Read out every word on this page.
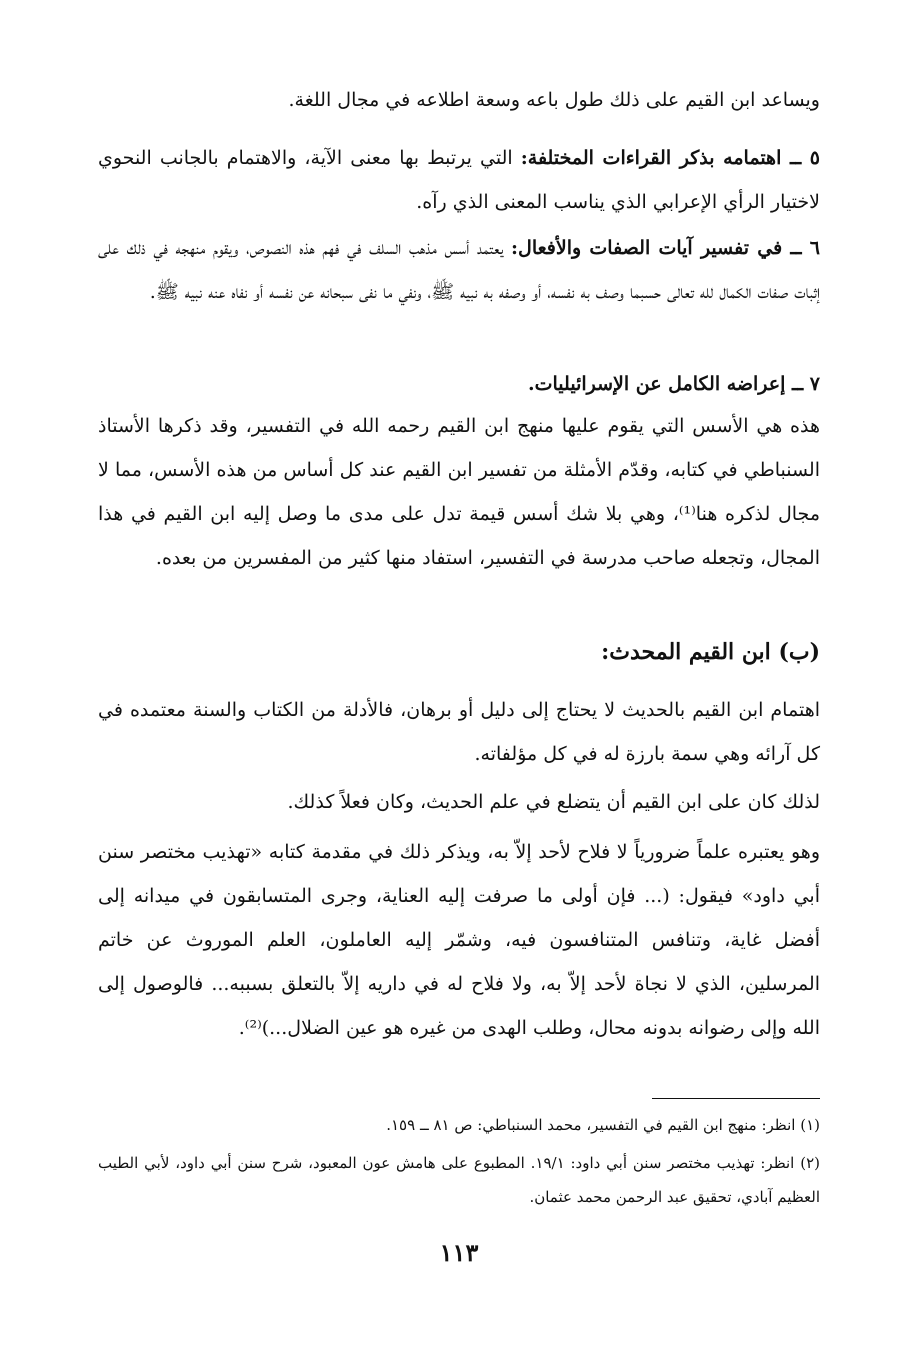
ويساعد ابن القيم على ذلك طول باعه وسعة اطلاعه في مجال اللغة.
٥ ــ اهتمامه بذكر القراءات المختلفة: التي يرتبط بها معنى الآية، والاهتمام بالجانب النحوي لاختيار الرأي الإعرابي الذي يناسب المعنى الذي رآه.
٦ ــ في تفسير آيات الصفات والأفعال: يعتمد أسس مذهب السلف في فهم هذه النصوص، ويقوم منهجه في ذلك على إثبات صفات الكمال لله تعالى حسبما وصف به نفسه، أو وصفه به نبيه ﷺ، ونفي ما نفى سبحانه عن نفسه أو نفاه عنه نبيه ﷺ.
٧ ــ إعراضه الكامل عن الإسرائيليات.
هذه هي الأسس التي يقوم عليها منهج ابن القيم رحمه الله في التفسير، وقد ذكرها الأستاذ السنباطي في كتابه، وقدّم الأمثلة من تفسير ابن القيم عند كل أساس من هذه الأسس، مما لا مجال لذكره هنا⁽¹⁾، وهي بلا شك أسس قيمة تدل على مدى ما وصل إليه ابن القيم في هذا المجال، وتجعله صاحب مدرسة في التفسير، استفاد منها كثير من المفسرين من بعده.
(ب) ابن القيم المحدث:
اهتمام ابن القيم بالحديث لا يحتاج إلى دليل أو برهان، فالأدلة من الكتاب والسنة معتمده في كل آرائه وهي سمة بارزة له في كل مؤلفاته.
لذلك كان على ابن القيم أن يتضلع في علم الحديث، وكان فعلاً كذلك.
وهو يعتبره علماً ضرورياً لا فلاح لأحد إلاّ به، ويذكر ذلك في مقدمة كتابه «تهذيب مختصر سنن أبي داود» فيقول: (... فإن أولى ما صرفت إليه العناية، وجرى المتسابقون في ميدانه إلى أفضل غاية، وتنافس المتنافسون فيه، وشمّر إليه العاملون، العلم الموروث عن خاتم المرسلين، الذي لا نجاة لأحد إلاّ به، ولا فلاح له في داريه إلاّ بالتعلق بسببه... فالوصول إلى الله وإلى رضوانه بدونه محال، وطلب الهدى من غيره هو عين الضلال...)⁽²⁾.
(١) انظر: منهج ابن القيم في التفسير، محمد السنباطي: ص ٨١ ــ ١٥٩.
(٢) انظر: تهذيب مختصر سنن أبي داود: ١٩/١. المطبوع على هامش عون المعبود، شرح سنن أبي داود، لأبي الطيب العظيم آبادي، تحقيق عبد الرحمن محمد عثمان.
١١٣
